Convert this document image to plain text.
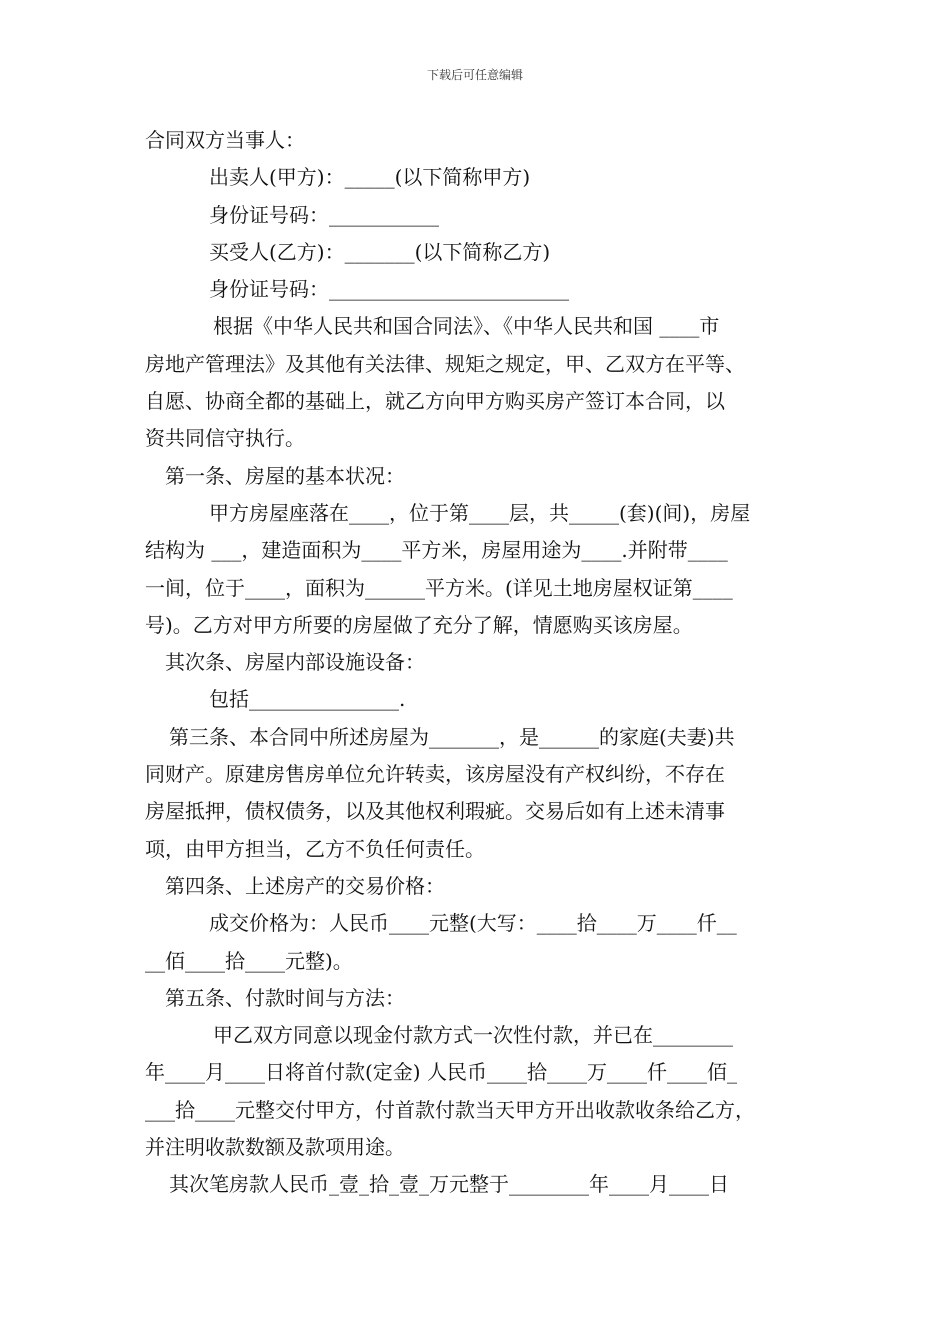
下载后可任意编辑
合同双方当事人：
出卖人(甲方)：_____(以下简称甲方)
身份证号码：___________
买受人(乙方)：_______(以下简称乙方)
身份证号码：________________________
根据《中华人民共和国合同法》、《中华人民共和国 ____市
房地产管理法》及其他有关法律、规矩之规定，甲、乙双方在平等、
自愿、协商全都的基础上，就乙方向甲方购买房产签订本合同，以
资共同信守执行。
第一条、房屋的基本状况：
甲方房屋座落在____，位于第____层，共_____(套)(间)，房屋
结构为 ___，建造面积为____平方米，房屋用途为____.并附带____
一间，位于____，面积为______平方米。(详见土地房屋权证第____
号)。乙方对甲方所要的房屋做了充分了解，情愿购买该房屋。
其次条、房屋内部设施设备：
包括_______________.
第三条、本合同中所述房屋为_______，是______的家庭(夫妻)共
同财产。原建房售房单位允许转卖，该房屋没有产权纠纷，不存在
房屋抵押，债权债务，以及其他权利瑕疵。交易后如有上述未清事
项，由甲方担当，乙方不负任何责任。
第四条、上述房产的交易价格：
成交价格为：人民币____元整(大写：____拾____万____仟__
__佰____拾____元整)。
第五条、付款时间与方法：
甲乙双方同意以现金付款方式一次性付款，并已在________
年____月____日将首付款(定金) 人民币____拾____万____仟____佰_
___拾____元整交付甲方，付首款付款当天甲方开出收款收条给乙方，
并注明收款数额及款项用途。
其次笔房款人民币_壹_拾_壹_万元整于________年____月____日
